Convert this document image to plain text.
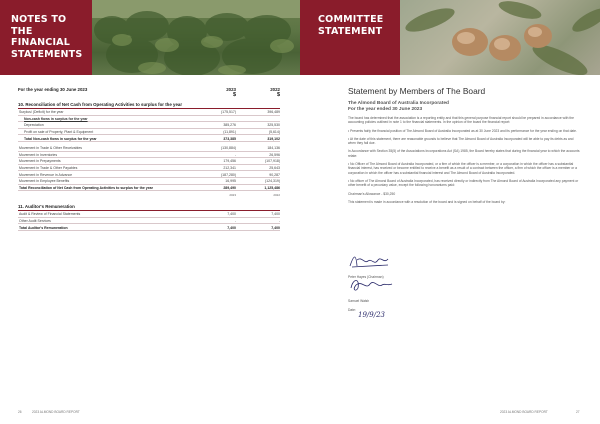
NOTES TO THE
FINANCIAL
STATEMENTS
COMMITTEE
STATEMENT
For the year ending 30 June 2023	2023	2022
$	$
10. Reconciliation of Net Cash from Operating Activities to surplus for the year
Surplus/ (Deficit) for the year	(175,517)	396,489
Non-cash flows in surplus for the year
Depreciation	385,276	325,530
Profit on sale of Property, Plant & Equipment	(11,891)	(5,614)
Total Non-cash flows in surplus for the year	373,385	319,102
Movement in Trade & Other Receivables	(130,884)	184,136
Movement in Inventories	-	26,596
Movement in Prepayments	179,456	(107,918)
Movement in Trade & Other Payables	212,341	25,643
Movement in Revenue in Advance	(187,280)	90,287
Movement in Employee Benefits	16,995	(124,319)
Total Reconciliation of Net Cash from Operating Activities to surplus for the year	289,490	1,125,486
2023	2022
11. Auditor's Remuneration
Audit & Review of Financial Statements	7,400	7,400
Other Audit Services	-	-
Total Auditor's Remuneration	7,400	7,400
Statement by Members of The Board
The Almond Board of Australia Incorporated
For the year ended 30 June 2023
The board has determined that the association is a reporting entity and that this general purpose financial report should be prepared in accordance with the accounting policies outlined in note 1 to the financial statements. In the opinion of the board the financial report:
• Presents fairly the financial position of The Almond Board of Australia Incorporated as at 30 June 2023 and its performance for the year ending on that date.
• At the date of this statement, there are reasonable grounds to believe that The Almond Board of Australia Incorporated will be able to pay its debts as and when they fall due.
In Accordance with Section 35(5) of the Associations Incorporations Act (SA) 1985, the Board hereby states that during the financial year to which the accounts relate:
• No Officer of The Almond Board of Australia Incorporated, or a firm of which the officer is a member, or a corporation in which the officer has a substantial financial interest, has received or become entitled to receive a benefit as a result of a contract between the officer, a firm of which the officer is a member or a corporation in which the officer has a substantial financial interest and The Almond Board of Australia Incorporated.
• No officer of The Almond Board of Australia Incorporated, has received directly or indirectly from The Almond Board of Australia Incorporated any payment or other benefit of a pecuniary value, except the following honorariums paid:
Chairman's Allowance - $30,250
This statement is made in accordance with a resolution of the board and is signed on behalf of the board by:
Peter Hayes (Chairman)
Samuel Walsh
Date:
19/9/23
26	2023 ALMOND BOARD REPORT	2023 ALMOND BOARD REPORT	27
